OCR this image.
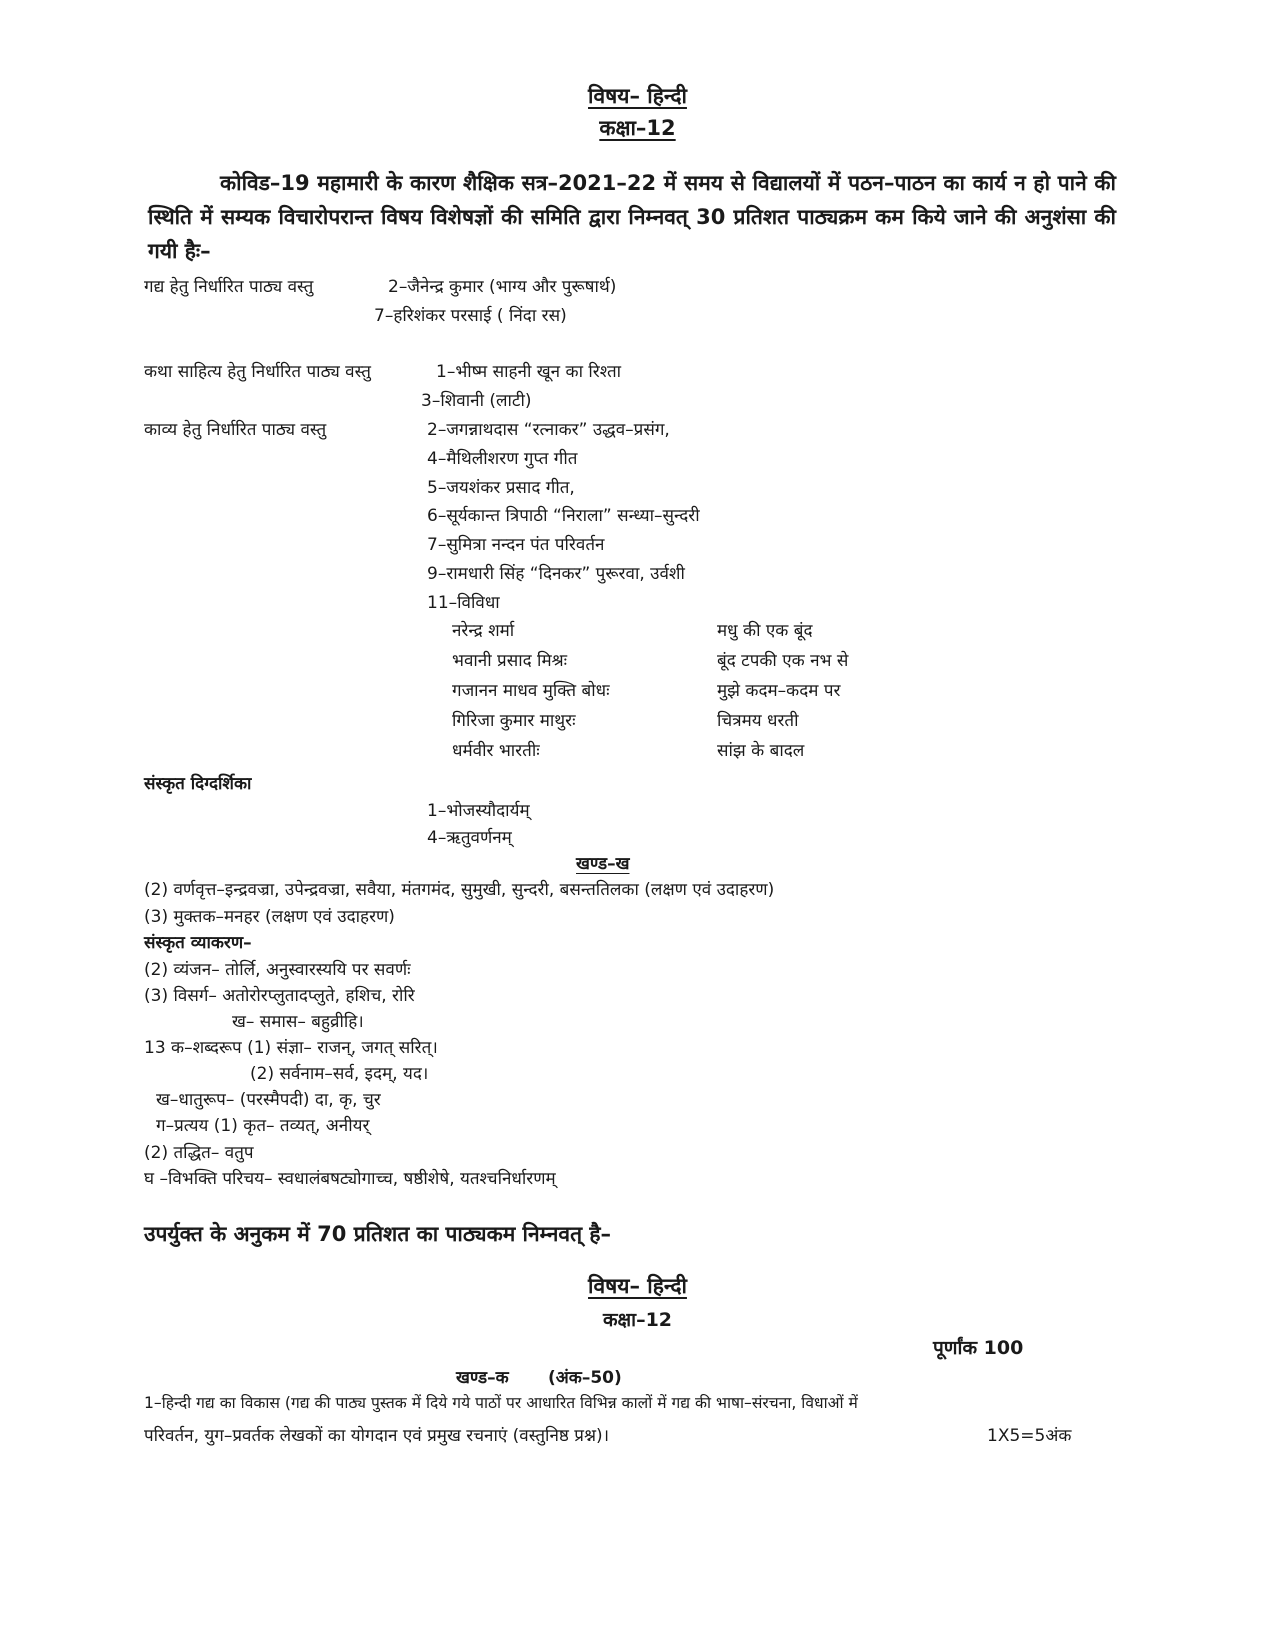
विषय– हिन्दी
कक्षा–12
कोविड–19 महामारी के कारण शैक्षिक सत्र–2021–22 में समय से विद्यालयों में पठन–पाठन का कार्य न हो पाने की स्थिति में सम्यक विचारोपरान्त विषय विशेषज्ञों की समिति द्वारा निम्नवत् 30 प्रतिशत पाठ्यक्रम कम किये जाने की अनुशंसा की गयी हैः–
गद्य हेतु निर्धारित पाठ्य वस्तु	2–जैनेन्द्र कुमार (भाग्य और पुरूषार्थ)
7–हरिशंकर परसाई ( निंदा रस)
कथा साहित्य हेतु निर्धारित पाठ्य वस्तु	1–भीष्म साहनी खून का रिश्ता
3–शिवानी (लाटी)
काव्य हेतु निर्धारित पाठ्य वस्तु	2–जगन्नाथदास “रत्नाकर” उद्धव–प्रसंग,
4–मैथिलीशरण गुप्त गीत
5–जयशंकर प्रसाद गीत,
6–सूर्यकान्त त्रिपाठी “निराला” सन्ध्या–सुन्दरी
7–सुमित्रा नन्दन पंत परिवर्तन
9–रामधारी सिंह “दिनकर” पुरूरवा, उर्वशी
11–विविधा
नरेन्द्र शर्मा	मधु की एक बूंद
भवानी प्रसाद मिश्रः	बूंद टपकी एक नभ से
गजानन माधव मुक्ति बोधः	मुझे कदम–कदम पर
गिरिजा कुमार माथुरः	चित्रमय धरती
धर्मवीर भारतीः	सांझ के बादल
संस्कृत दिग्दर्शिका
1–भोजस्यौदार्यम्
4–ऋतुवर्णनम्
खण्ड–ख
(2) वर्णवृत्त–इन्द्रवज्रा, उपेन्द्रवज्रा, सवैया, मंतगमंद, सुमुखी, सुन्दरी, बसन्ततिलका (लक्षण एवं उदाहरण)
(3) मुक्तक–मनहर (लक्षण एवं उदाहरण)
संस्कृत व्याकरण–
(2) व्यंजन– तोर्लि, अनुस्वारस्ययि पर सवर्णः
(3) विसर्ग– अतोरोरप्लुतादप्लुते, हशिच, रोरि
ख– समास– बहुव्रीहि।
13 क–शब्दरूप (1) संज्ञा– राजन्, जगत् सरित्।
(2) सर्वनाम–सर्व, इदम्, यद।
ख–धातुरूप– (परस्मैपदी) दा, कृ, चुर
ग–प्रत्यय (1) कृत– तव्यत्, अनीयर्
(2) तद्धित– वतुप
घ –विभक्ति परिचय– स्वधालंबषट्योगाच्च, षष्ठीशेषे, यतश्चनिर्धारणम्
उपर्युक्त के अनुकम में 70 प्रतिशत का पाठ्यकम निम्नवत् है–
विषय– हिन्दी
कक्षा–12
पूर्णांक 100
खण्ड–क (अंक–50)
1–हिन्दी गद्य का विकास (गद्य की पाठ्य पुस्तक में दिये गये पाठों पर आधारित विभिन्न कालों में गद्य की भाषा–संरचना, विधाओं में
परिवर्तन, युग–प्रवर्तक लेखकों का योगदान एवं प्रमुख रचनाएं (वस्तुनिष्ठ प्रश्न)।	1X5=5अंक
